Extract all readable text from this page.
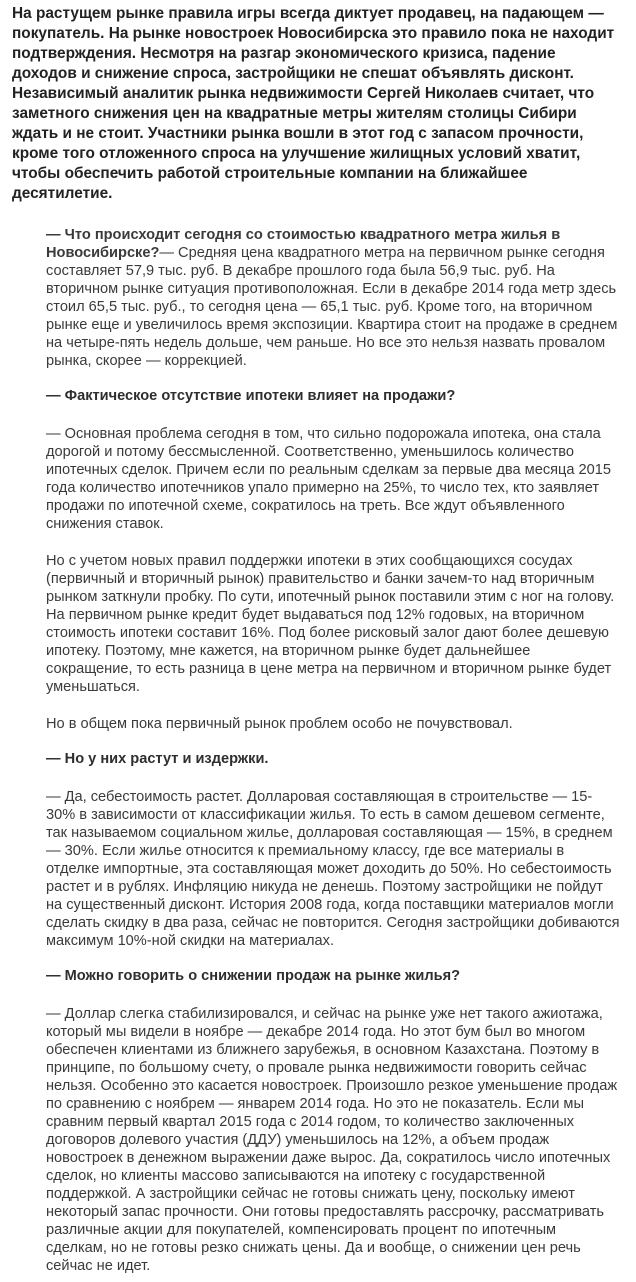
На растущем рынке правила игры всегда диктует продавец, на падающем — покупатель. На рынке новостроек Новосибирска это правило пока не находит подтверждения. Несмотря на разгар экономического кризиса, падение доходов и снижение спроса, застройщики не спешат объявлять дисконт. Независимый аналитик рынка недвижимости Сергей Николаев считает, что заметного снижения цен на квадратные метры жителям столицы Сибири ждать и не стоит. Участники рынка вошли в этот год с запасом прочности, кроме того отложенного спроса на улучшение жилищных условий хватит, чтобы обеспечить работой строительные компании на ближайшее десятилетие.

— Что происходит сегодня со стоимостью квадратного метра жилья в Новосибирске?— Средняя цена квадратного метра на первичном рынке сегодня составляет 57,9 тыс. руб. В декабре прошлого года была 56,9 тыс. руб. На вторичном рынке ситуация противоположная. Если в декабре 2014 года метр здесь стоил 65,5 тыс. руб., то сегодня цена — 65,1 тыс. руб. Кроме того, на вторичном рынке еще и увеличилось время экспозиции. Квартира стоит на продаже в среднем на четыре-пять недель дольше, чем раньше. Но все это нельзя назвать провалом рынка, скорее — коррекцией.

— Фактическое отсутствие ипотеки влияет на продажи?

— Основная проблема сегодня в том, что сильно подорожала ипотека, она стала дорогой и потому бессмысленной. Соответственно, уменьшилось количество ипотечных сделок. Причем если по реальным сделкам за первые два месяца 2015 года количество ипотечников упало примерно на 25%, то число тех, кто заявляет продажи по ипотечной схеме, сократилось на треть. Все ждут объявленного снижения ставок.

Но с учетом новых правил поддержки ипотеки в этих сообщающихся сосудах (первичный и вторичный рынок) правительство и банки зачем-то над вторичным рынком заткнули пробку. По сути, ипотечный рынок поставили этим с ног на голову. На первичном рынке кредит будет выдаваться под 12% годовых, на вторичном стоимость ипотеки составит 16%. Под более рисковый залог дают более дешевую ипотеку. Поэтому, мне кажется, на вторичном рынке будет дальнейшее сокращение, то есть разница в цене метра на первичном и вторичном рынке будет уменьшаться.

Но в общем пока первичный рынок проблем особо не почувствовал.

— Но у них растут и издержки.

— Да, себестоимость растет. Долларовая составляющая в строительстве — 15-30% в зависимости от классификации жилья. То есть в самом дешевом сегменте, так называемом социальном жилье, долларовая составляющая — 15%, в среднем — 30%. Если жилье относится к премиальному классу, где все материалы в отделке импортные, эта составляющая может доходить до 50%. Но себестоимость растет и в рублях. Инфляцию никуда не денешь. Поэтому застройщики не пойдут на существенный дисконт. История 2008 года, когда поставщики материалов могли сделать скидку в два раза, сейчас не повторится. Сегодня застройщики добиваются максимум 10%-ной скидки на материалах.

— Можно говорить о снижении продаж на рынке жилья?

— Доллар слегка стабилизировался, и сейчас на рынке уже нет такого ажиотажа, который мы видели в ноябре — декабре 2014 года. Но этот бум был во многом обеспечен клиентами из ближнего зарубежья, в основном Казахстана. Поэтому в принципе, по большому счету, о провале рынка недвижимости говорить сейчас нельзя. Особенно это касается новостроек. Произошло резкое уменьшение продаж по сравнению с ноябрем — январем 2014 года. Но это не показатель. Если мы сравним первый квартал 2015 года с 2014 годом, то количество заключенных договоров долевого участия (ДДУ) уменьшилось на 12%, а объем продаж новостроек в денежном выражении даже вырос. Да, сократилось число ипотечных сделок, но клиенты массово записываются на ипотеку с государственной поддержкой. А застройщики сейчас не готовы снижать цену, поскольку имеют некоторый запас прочности. Они готовы предоставлять рассрочку, рассматривать различные акции для покупателей, компенсировать процент по ипотечным сделкам, но не готовы резко снижать цены. Да и вообще, о снижении цен речь сейчас не идет.
